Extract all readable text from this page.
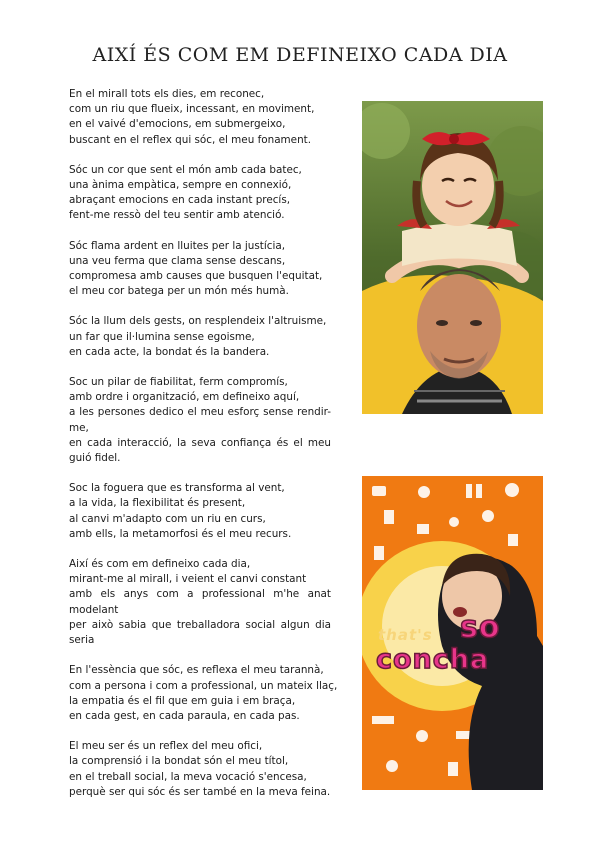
AIXÍ ÉS COM EM DEFINEIXO CADA DIA
En el mirall tots els dies, em reconec,
com un riu que flueix, incessant, en moviment,
en el vaivé d'emocions, em submergeixo,
buscant en el reflex qui sóc, el meu fonament.
Sóc un cor que sent el món amb cada batec,
una ànima empàtica, sempre en connexió,
abraçant emocions en cada instant precís,
fent-me ressò del teu sentir amb atenció.
Sóc flama ardent en lluites per la justícia,
una veu ferma que clama sense descans,
compromesa amb causes que busquen l'equitat,
el meu cor batega per un món més humà.
Sóc la llum dels gests, on resplendeix l'altruisme,
un far que il·lumina sense egoisme,
en cada acte, la bondat és la bandera.
Soc un pilar de fiabilitat, ferm compromís,
amb ordre i organització, em defineixo aquí,
a les persones dedico el meu esforç sense rendir-me,
en cada interacció, la seva confiança és el meu guió fidel.
Soc la foguera que es transforma al vent,
a la vida, la flexibilitat és present,
al canvi m'adapto com un riu en curs,
amb ells, la metamorfosi és el meu recurs.
Així és com em defineixo cada dia,
mirant-me al mirall, i veient el canvi constant
amb els anys com a professional m'he anat modelant
per això sabia que treballadora social algun dia seria
En l'essència que sóc, es reflexa el meu tarannà,
com a persona i com a professional, un mateix llaç,
la empatia és el fil que em guia i em braça,
en cada gest, en cada paraula, en cada pas.
El meu ser és un reflex del meu ofici,
la comprensió i la bondat són el meu títol,
en el treball social, la meva vocació s'encesa,
perquè ser qui sóc és ser també en la meva feina.
that's so
concha
